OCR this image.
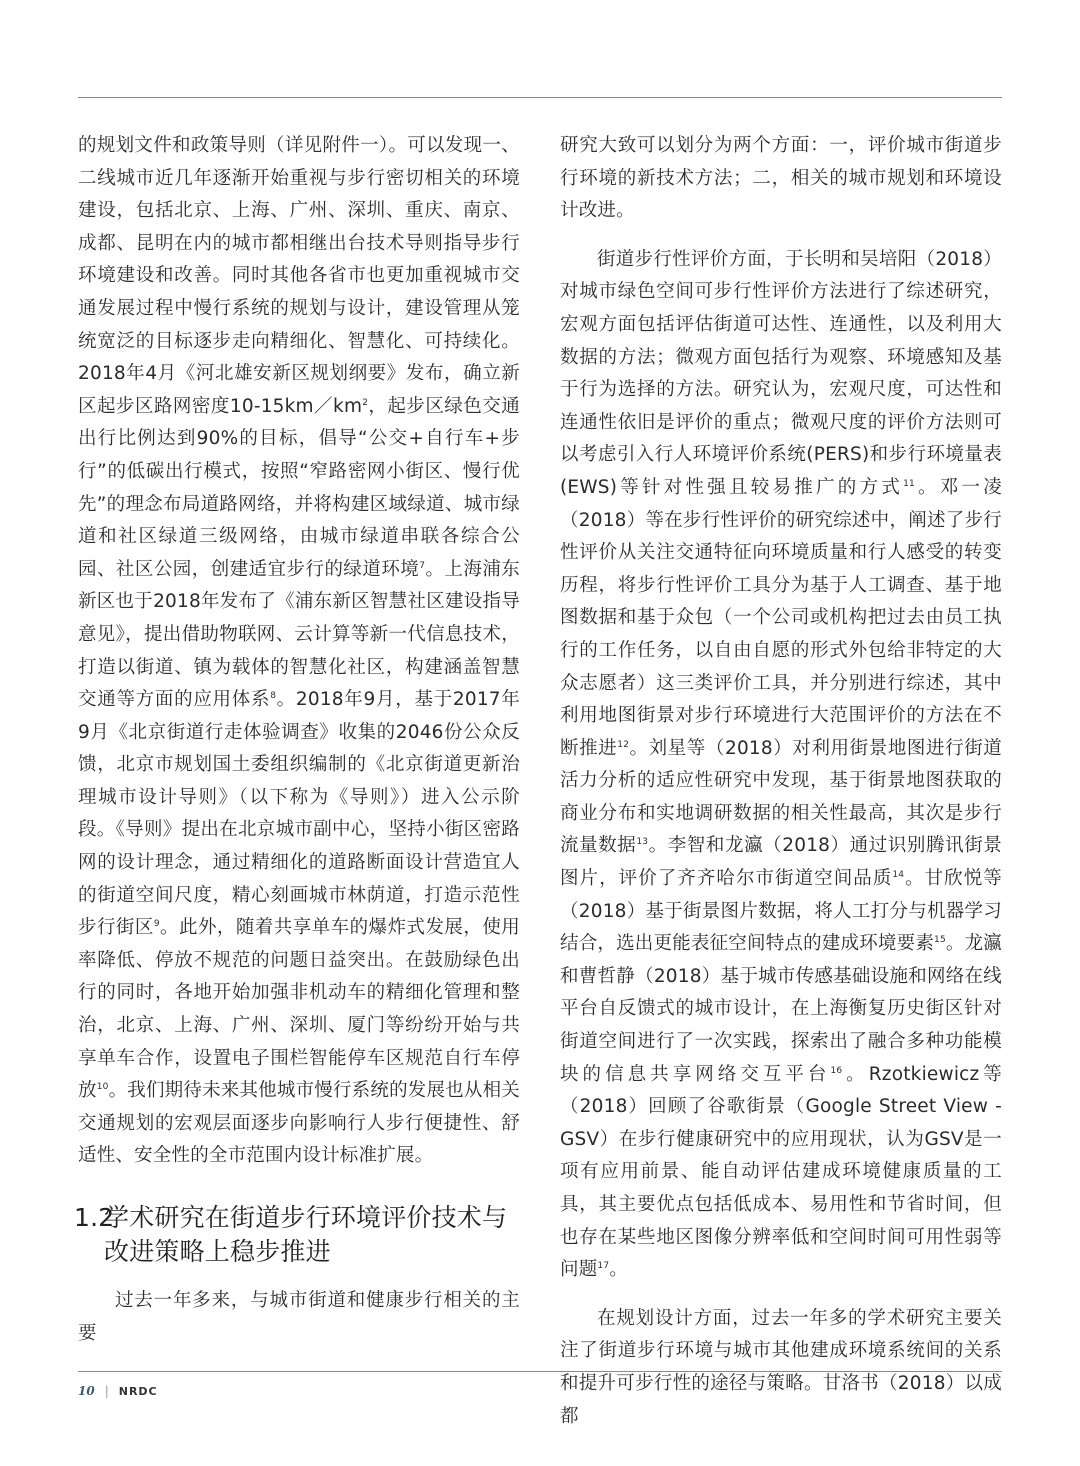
的规划文件和政策导则（详见附件一）。可以发现一、二线城市近几年逐渐开始重视与步行密切相关的环境建设，包括北京、上海、广州、深圳、重庆、南京、成都、昆明在内的城市都相继出台技术导则指导步行环境建设和改善。同时其他各省市也更加重视城市交通发展过程中慢行系统的规划与设计，建设管理从笼统宽泛的目标逐步走向精细化、智慧化、可持续化。2018年4月《河北雄安新区规划纲要》发布，确立新区起步区路网密度$10-15km/km^2$，起步区绿色交通出行比例达到90%的目标，倡导“公交+自行车+步行”的低碳出行模式，按照“窄路密网小街区、慢行优先”的理念布局道路网络，并将构建区域绿道、城市绿道和社区绿道三级网络，由城市绿道串联各综合公园、社区公园，创建适宜步行的绿道环境$^7$。上海浦东新区也于2018年发布了《浦东新区智慧社区建设指导意见》，提出借助物联网、云计算等新一代信息技术，打造以街道、镇为载体的智慧化社区，构建涵盖智慧交通等方面的应用体系$^8$。2018年9月，基于2017年9月《北京街道行走体验调查》收集的2046份公众反馈，北京市规划国土委组织编制的《北京街道更新治理城市设计导则》（以下称为《导则》）进入公示阶段。《导则》提出在北京城市副中心，坚持小街区密路网的设计理念，通过精细化的道路断面设计营造宜人的街道空间尺度，精心刻画城市林荫道，打造示范性步行街区$^9$。此外，随着共享单车的爆炸式发展，使用率降低、停放不规范的问题日益突出。在鼓励绿色出行的同时，各地开始加强非机动车的精细化管理和整治，北京、上海、广州、深圳、厦门等纷纷开始与共享单车合作，设置电子围栏智能停车区规范自行车停放$^{10}$。我们期待未来其他城市慢行系统的发展也从相关交通规划的宏观层面逐步向影响行人步行便捷性、舒适性、安全性的全市范围内设计标准扩展。

1.2
学术研究在街道步行环境评价技术与改进策略上稳步推进

过去一年多来，与城市街道和健康步行相关的主要

研究大致可以划分为两个方面：一，评价城市街道步行环境的新技术方法；二，相关的城市规划和环境设计改进。

街道步行性评价方面，于长明和吴培阳（2018）对城市绿色空间可步行性评价方法进行了综述研究，宏观方面包括评估街道可达性、连通性，以及利用大数据的方法；微观方面包括行为观察、环境感知及基于行为选择的方法。研究认为，宏观尺度，可达性和连通性依旧是评价的重点；微观尺度的评价方法则可以考虑引入行人环境评价系统(PERS)和步行环境量表 (EWS)等针对性强且较易推广的方式$^{11}$。邓一凌（2018）等在步行性评价的研究综述中，阐述了步行性评价从关注交通特征向环境质量和行人感受的转变历程，将步行性评价工具分为基于人工调查、基于地图数据和基于众包（一个公司或机构把过去由员工执行的工作任务，以自由自愿的形式外包给非特定的大众志愿者）这三类评价工具，并分别进行综述，其中利用地图街景对步行环境进行大范围评价的方法在不断推进$^{12}$。刘星等（2018）对利用街景地图进行街道活力分析的适应性研究中发现，基于街景地图获取的商业分布和实地调研数据的相关性最高，其次是步行流量数据$^{13}$。李智和龙瀛（2018）通过识别腾讯街景图片，评价了齐齐哈尔市街道空间品质$^{14}$。甘欣悦等（2018）基于街景图片数据，将人工打分与机器学习结合，选出更能表征空间特点的建成环境要素$^{15}$。龙瀛和曹哲静（2018）基于城市传感基础设施和网络在线平台自反馈式的城市设计，在上海衡复历史街区针对街道空间进行了一次实践，探索出了融合多种功能模块的信息共享网络交互平台$^{16}$。Rzotkiewicz等（2018）回顾了谷歌街景（Google Street View - GSV）在步行健康研究中的应用现状，认为GSV是一项有应用前景、能自动评估建成环境健康质量的工具，其主要优点包括低成本、易用性和节省时间，但也存在某些地区图像分辨率低和空间时间可用性弱等问题$^{17}$。

在规划设计方面，过去一年多的学术研究主要关注了街道步行环境与城市其他建成环境系统间的关系和提升可步行性的途径与策略。甘洛书（2018）以成都

10 | NRDC
